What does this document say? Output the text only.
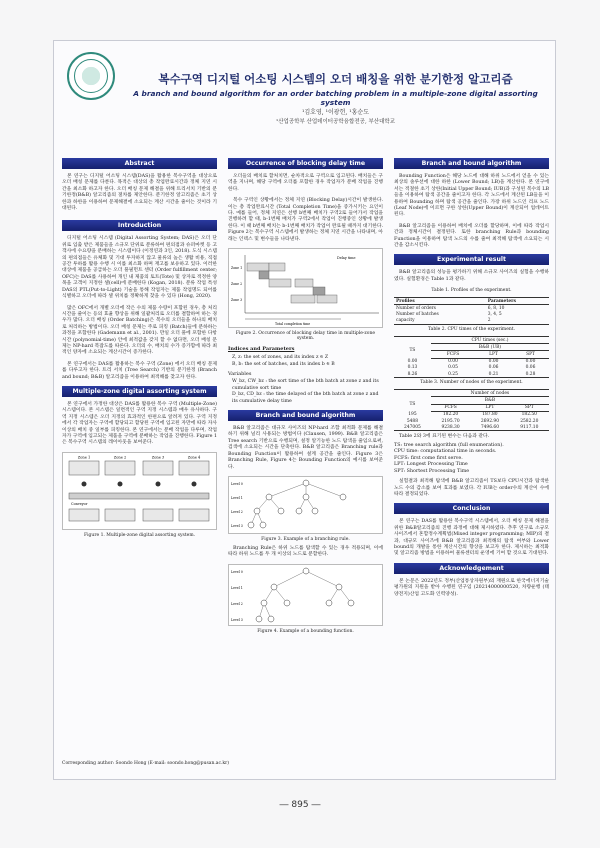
복수구역 디지털 어소팅 시스템의 오더 배칭을 위한 분기한정 알고리즘
A branch and bound algorithm for an order batching problem in a multiple-zone digital assorting system
¹김호영, ¹이광헌, ¹홍순도
¹산업공학부 산업데이터공학융합전공, 부산대학교
Abstract
본 연구는 디지털 어소팅 시스템(DAS)을 활용한 복수구역을 대상으로 오더 배칭 문제를 다룬다. 목적은 대상의 총 작업완료시간과 정체 지연 시간을 최소화 하고자 한다. 오더 배칭 문제 해결을 위해 트리서치 기반의 분기한정(B&B) 알고리즘의 절차를 제안한다. 분기한정 알고리즘은 초기 상한과 하한을 이용하여 문제해결에 소요되는 계산 시간을 줄이는 것이라 기대된다.
Introduction
디지털 어소팅 시스템 (Digital Assorting System; DAS)은 오더 단위로 입출 받은 제품들을 소규모 단위로 분류하여 편의점과 슈퍼마켓 등 고객사에 수요량을 분배하는 시스템이다 (이정연과 3인, 2018). 도식 시스템의 편의점들은 유체화 및 기대 투자하지 않고 물류의 높은 생활 비용, 직접 공간 투하를 활용 수행 시 이를 최소화 하며 재고를 보유하고 있다. 이러한 대상에 제품을 공급하는 오더 풀필먼트 센터 (Order fulfillment center; OFC)는 DAS를 사용하여 개인 내 제품의 토트(Tote) 및 상자로 적정한 양목을 고객이 지정한 셀(cell)에 분배한다 (Kogan, 2018). 분류 작업 특성 DAS의 PTL(Put-to-Light) 기술을 통해 작업자는 제품 작업명도 되어를 식별하고 오더에 따라 셀 위치를 정확하게 찾을 수 있다 (Hong, 2020).
많은 OFC에서 개별 오더에 작은 수의 제품 수량이 포함된 경우, 총 처리 시간을 줄이는 등의 효율 향상을 위해 일괄처리로 오더를 결합하여 하는 경우가 많다. 오더 배칭 (Order Batching)은 복수의 오더들을 하나의 배치로 처리하는 방법이다. 오더 배칭 문제는 주로 피킹 (Batch)들에 분하하는 과정을 포함한다 (Gademann et al., 2001). 만일 오더 풀에 포함한 다항시간 (polynomial-time) 안에 최적값을 갖지 할 수 없다면, 오더 배칭 문제는 NP-hard 복잡도를 따른다. 오더의 수, 배치의 수가 증가함에 따라 최적인 양자에 소요되는 계산시간이 증가한다.
본 연구에서는 DAS를 활용하는 복수 구역 (Zone) 에서 오더 배칭 문제를 다루고자 한다. 트리 서치 (Tree Search) 기반의 분기한정 (Branch and bound; B&B) 알고리즘을 이용하여 최적해를 찾고자 한다.
Multiple-zone digital assorting system
본 연구에서 가정한 대상은 DAS를 활용한 복수 구역 (Multiple-Zone) 시스템이다. 본 시스템은 일련적인 구역 지정 시스템과 매우 유사하다. 구역 지정 시스템은 오더 지정의 효과적인 한편으로 알려져 있다. 구역 지정에서 각 작업자는 구역에 할당되고 할당된 구역에 입고된 자만에 따라 자사 이상의 배치 중 일부를 피킹한다. 본 연구에서는 분배 작업을 다루며, 작업자가 구역에 입고되는 제품을 구역에 분배하는 작업을 진행한다. Figure 1은 복수구역 시스템의 레이아웃을 보여준다.
Zone 1	Zone 2	Zone 3	Zone 4
Conveyor
Figure 1. Multiple-zone digital assorting system.
Occurrence of blocking delay time
오더들의 배치로 할처치면, 순차적으로 구역으로 입고된다. 배치들은 구역을 지나며, 해당 구역에 오더를 포함한 경우 작업자가 분배 작업을 진행한다.
복수 구역인 상황에서는 정체 지연 (Blocking Delay)시간이 발생한다. 이는 총 작업완료시간 (Total Completion Time)을 증가시키는 요인이다. 예를 들어, 정체 지연은 선행 b번째 배치가 구역2로 들어가서 작업을 진행하려 할 때, b-1번째 배치가 구역2에서 작업이 진행중인 상황에 발생한다. 이 때 b번째 배치는 b-1번째 배치가 작업이 완료될 때까지 대기한다. Figure 2는 복수구역 시스템에서 발생하는 정체 지연 시간을 나타내며, 아래는 인덱스 및 변수들을 나타낸다.
Delay time
Zone 1
Zone 2
Zone 3
Total completion time
Figure 2. Occurrence of blocking delay time in multiple-zone system.
Indices and Parameters
Z, z: the set of zones, and its index z ∈ Z
B, b: the set of batches, and its index b ∈ B
Variables
W_bz, CW_bz : the sort time of the bth batch at zone z and its cumulative sort time
D_bz, CD_bz : the time delayed of the bth batch at zone z and its cumulative delay time
Branch and bound algorithm
B&B 알고리즘은 대규모 사이즈의 NP-hard 조합 최적화 문제를 해결하기 위해 널리 사용되는 방법이다 (Clausen, 1999). B&B 알고리즘은 Tree search 기반으로 수행되며, 설정 알기능한 노드 탐색을 줄임으로써, 검색에 소요되는 시간을 단축한다. B&B 알고리즘은 Branching rule과 Bounding Function이 활용하여 설계 공간을 줄인다. Figure 3은 Branching Rule, Figure 4는 Bounding Function의 예시를 보여준다.
Level 0
Level 1
Level 2
Level 3
Figure 3. Example of a branching rule.
Branching Rule은 하위 노드를 탐색할 수 있는 경우 적용되며, 이에 따라 하위 노드를 두 개 이상의 노드로 분할한다.
Level 0
Level 1
Level 2
Level 3
Figure 4. Example of a bounding function.
Branch and bound algorithm
Bounding Function은 해당 노드에 대해 하위 노드에서 얻을 수 있는 최상의 솔루션에 대한 하한 (Lower Bound; LB)을 계산한다. 본 연구에서는 적절한 초기 상한(Initial Upper Bound; IUB)과 구성된 복수의 LB들을 이용하여 탐색 공간을 줄이고자 한다. 각 노드에서 계산된 LB들을 이용하여 Bounding 하며 탐색 공간을 줄인다. 가장 하위 노드인 리프 노드(Leaf Node)에 이르면 구한 상한(Upper Bound)이 계산되어 업데이트 된다.
B&B 알고리즘을 이용하여 배치에 오더를 할당하며, 이에 따라 작업시간과 정체시간이 결정된다. 또한 branching Rule과 bounding Function을 이용하여 탐색 노드의 수를 줄여 최적해 탐색에 소요되는 시간을 감소시킨다.
Experimental result
B&B 알고리즘의 성능을 평가하기 위해 소규모 사이즈의 실험을 수행하였다. 실험환경은 Table 1과 같다.
Table 1. Profiles of the experiment.
Profiles	Parameters
Number of orders	6, 8, 10
Number of batches	3, 4, 5
capacity	2
Table 2. CPU times of the experiment.
	CPU times (sec.)		
TS	B&B (UB)		
	FCFS	LPT	SPT
0.00	0.00	0.00	0.00
0.13	0.05	0.06	0.06
8.26	0.25	0.21	0.28
Table 3. Number of nodes of the experiment.
	Number of nodes		
TS	B&B		
	FCFS	LPT	SPT
195	182.20	187.80	182.50
5488	2195.70	2692.90	2582.20
247005	9238.30	7496.60	9117.10
Table 2와 3에 표기된 변수는 다음과 같다.
TS: tree search algorithm (full enumeration).
CPU time: computational time in seconds.
FCFS: first come first serve.
LPT: Longest Processing Time
SPT: Shortest Processing Time
실험결과 최적해 탐색에 B&B 알고리즘이 TS보다 CPU시간과 탐색한 노드 수의 감소를 보여 효과를 보였다. 각 IUB는 order수의 계산이 수에 따라 결정되었다.
Conclusion
본 연구는 DAS를 활용한 복수구역 시스템에서, 오더 배칭 문제 해결을 위한 B&B알고리즘의 진행 과정에 대해 제시하였다. 추후 연구로 소규모 사이즈에서 혼합정수계획법(Mixed integer programming; MIP)의 결과, 대규모 사이즈에 B&B 알고리즘과 최적해의 탐색 여부와 Lower bound의 개발을 통한 계산시간의 향상을 보고자 한다. 제시하는 최적화 및 알고리즘 방법을 이용하여 물류센터의 운영에 기여 할 것으로 기대된다.
Acknowledgement
본 논문은 2022년도 정부(산업통상자원부)의 재원으로 한국에너지기술평가원의 지원을 받아 수행된 연구임 (20214000000520, 차량운행 (태양전지)산업 고도화 인력양성).
Corresponding author: Soondo Hong (E-mail: soondo.hong@pusan.ac.kr)
― 895 ―
